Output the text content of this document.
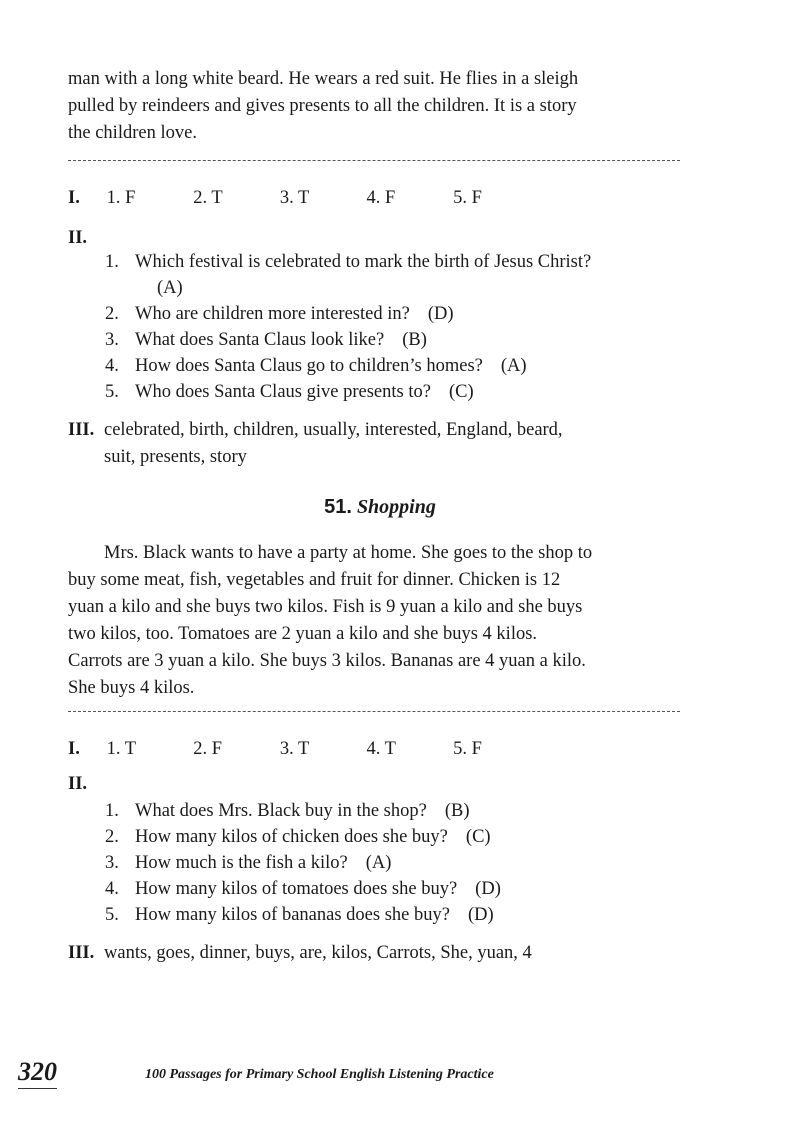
man with a long white beard. He wears a red suit. He flies in a sleigh
pulled by reindeers and gives presents to all the children. It is a story
the children love.
I. 1. F	2. T	3. T	4. F	5. F
II.
1. Which festival is celebrated to mark the birth of Jesus Christ?
(A)
2. Who are children more interested in? (D)
3. What does Santa Claus look like? (B)
4. How does Santa Claus go to children’s homes? (A)
5. Who does Santa Claus give presents to? (C)
III. celebrated, birth, children, usually, interested, England, beard,
suit, presents, story
51. Shopping
Mrs. Black wants to have a party at home. She goes to the shop to
buy some meat, fish, vegetables and fruit for dinner. Chicken is 12
yuan a kilo and she buys two kilos. Fish is 9 yuan a kilo and she buys
two kilos, too. Tomatoes are 2 yuan a kilo and she buys 4 kilos.
Carrots are 3 yuan a kilo. She buys 3 kilos. Bananas are 4 yuan a kilo.
She buys 4 kilos.
I. 1. T	2. F	3. T	4. T	5. F
II.
1. What does Mrs. Black buy in the shop? (B)
2. How many kilos of chicken does she buy? (C)
3. How much is the fish a kilo? (A)
4. How many kilos of tomatoes does she buy? (D)
5. How many kilos of bananas does she buy? (D)
III. wants, goes, dinner, buys, are, kilos, Carrots, She, yuan, 4
320	100 Passages for Primary School English Listening Practice
